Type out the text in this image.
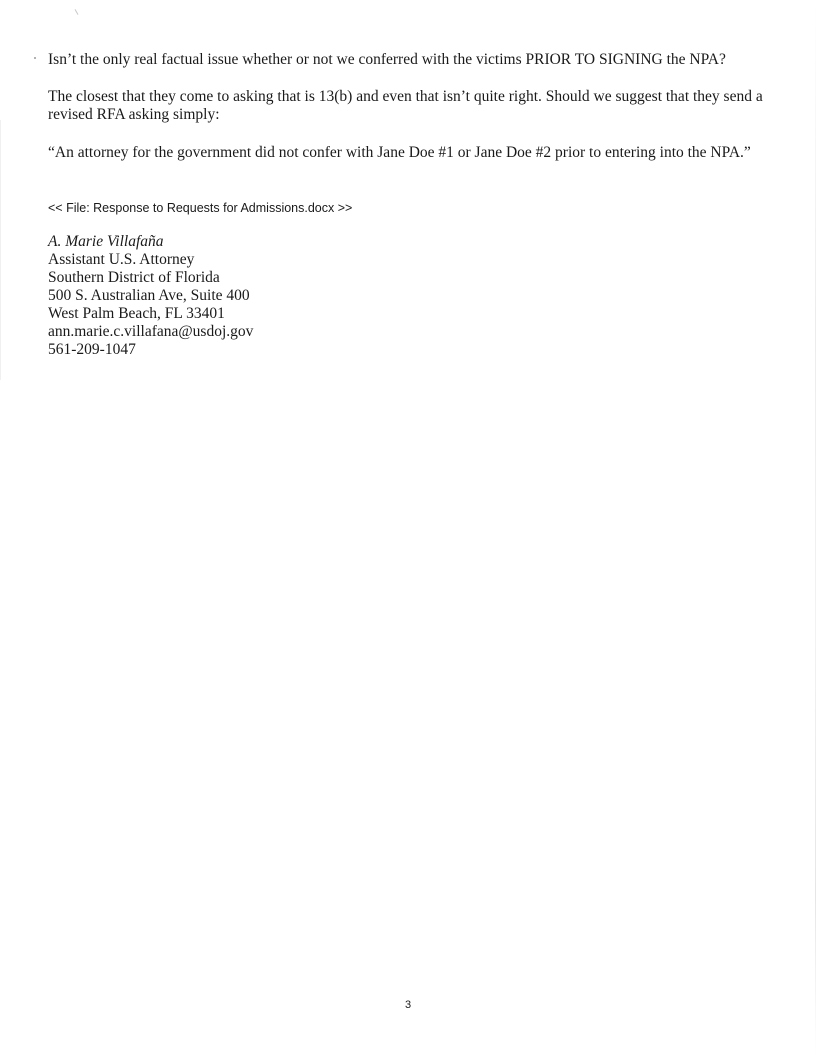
Isn’t the only real factual issue whether or not we conferred with the victims PRIOR TO SIGNING the NPA?

The closest that they come to asking that is 13(b) and even that isn’t quite right. Should we suggest that they send a revised RFA asking simply:

“An attorney for the government did not confer with Jane Doe #1 or Jane Doe #2 prior to entering into the NPA.”

<< File: Response to Requests for Admissions.docx >>

A. Marie Villafaña
Assistant U.S. Attorney
Southern District of Florida
500 S. Australian Ave, Suite 400
West Palm Beach, FL 33401
ann.marie.c.villafana@usdoj.gov
561-209-1047
3
